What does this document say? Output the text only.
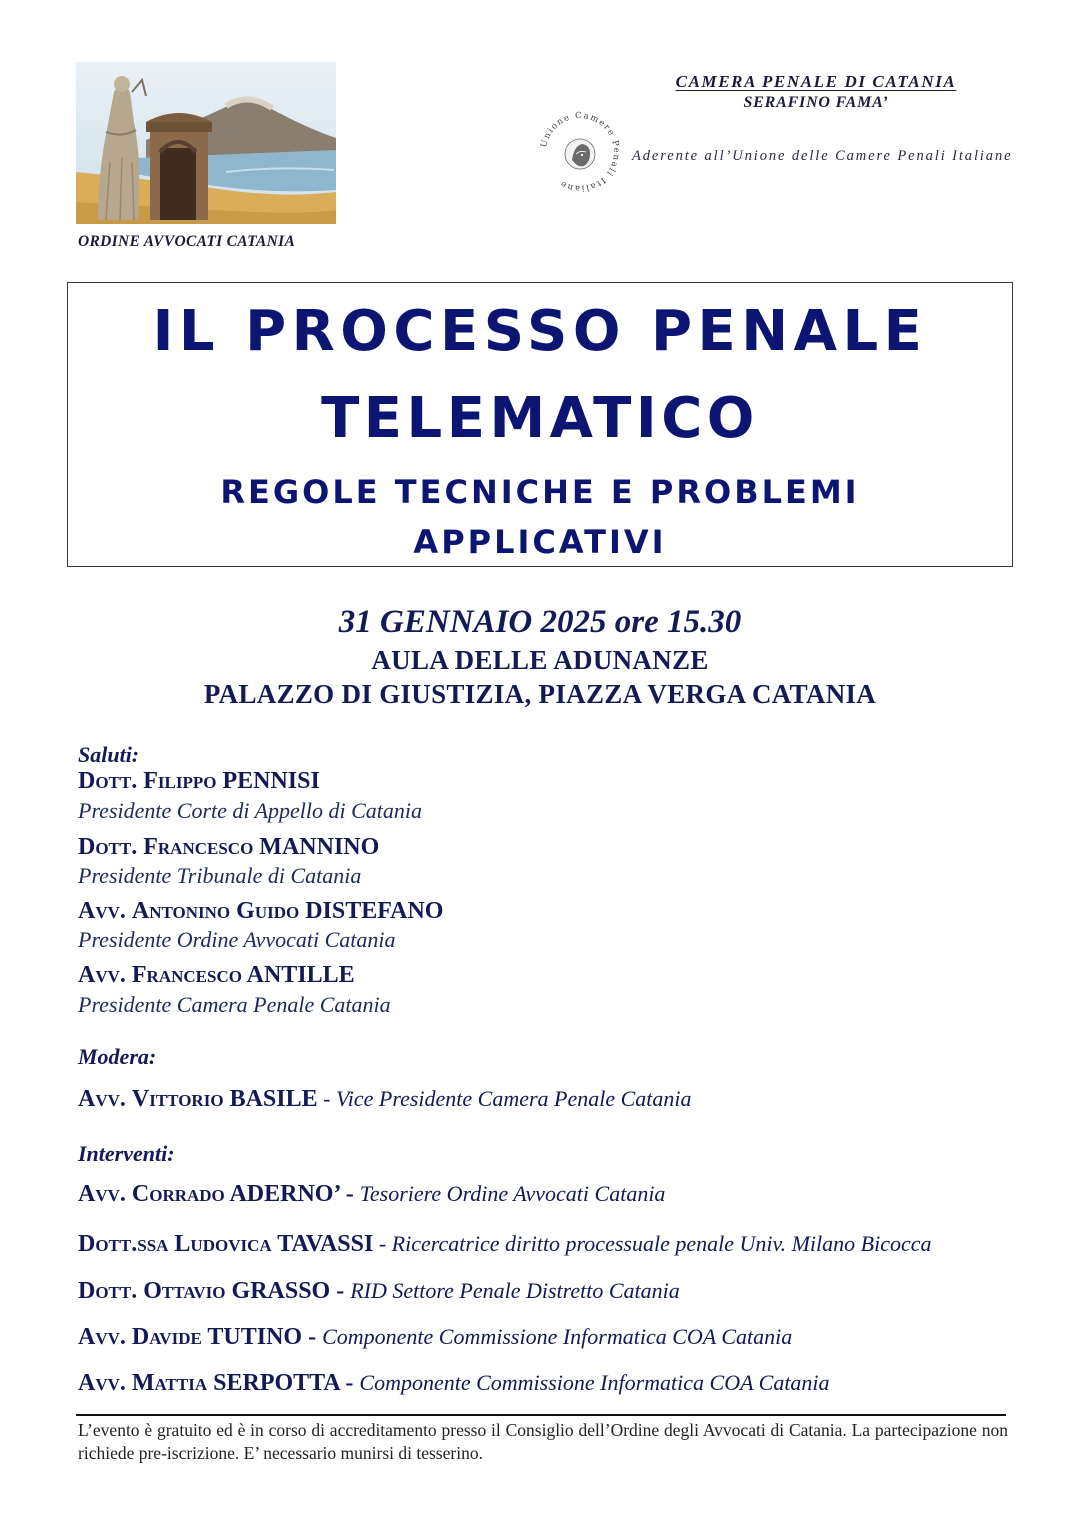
ORDINE AVVOCATI CATANIA
CAMERA PENALE DI CATANIA
SERAFINO FAMA’
Unione Camere Penali Italiane
Aderente all’Unione delle Camere Penali Italiane
IL PROCESSO PENALE
TELEMATICO
REGOLE TECNICHE E PROBLEMI
APPLICATIVI
31 GENNAIO 2025 ore 15.30
AULA DELLE ADUNANZE
PALAZZO DI GIUSTIZIA, PIAZZA VERGA CATANIA
Saluti:
Dott. Filippo PENNISI
Presidente Corte di Appello di Catania
Dott. Francesco MANNINO
Presidente Tribunale di Catania
Avv. Antonino Guido DISTEFANO
Presidente Ordine Avvocati Catania
Avv. Francesco ANTILLE
Presidente Camera Penale Catania
Modera:
Avv. Vittorio BASILE - Vice Presidente Camera Penale Catania
Interventi:
Avv. Corrado ADERNO’ - Tesoriere Ordine Avvocati Catania
Dott.ssa Ludovica TAVASSI - Ricercatrice diritto processuale penale Univ. Milano Bicocca
Dott. Ottavio GRASSO - RID Settore Penale Distretto Catania
Avv. Davide TUTINO - Componente Commissione Informatica COA Catania
Avv. Mattia SERPOTTA - Componente Commissione Informatica COA Catania
L’evento è gratuito ed è in corso di accreditamento presso il Consiglio dell’Ordine degli Avvocati di Catania. La partecipazione non richiede pre-iscrizione. E’ necessario munirsi di tesserino.
